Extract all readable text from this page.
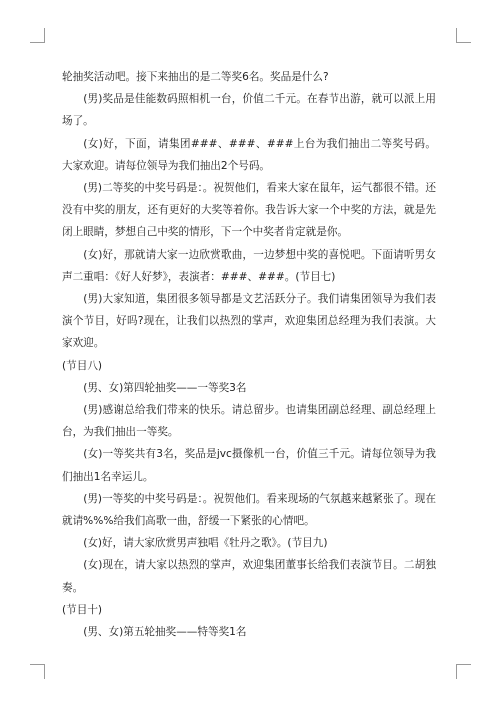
轮抽奖活动吧。接下来抽出的是二等奖6名。奖品是什么?

(男)奖品是佳能数码照相机一台，价值二千元。在春节出游，就可以派上用场了。

(女)好，下面，请集团###、###、###上台为我们抽出二等奖号码。大家欢迎。请每位领导为我们抽出2个号码。

(男)二等奖的中奖号码是：。祝贺他们，看来大家在鼠年，运气都很不错。还没有中奖的朋友，还有更好的大奖等着你。我告诉大家一个中奖的方法，就是先闭上眼睛，梦想自己中奖的情形，下一个中奖者肯定就是你。

(女)好，那就请大家一边欣赏歌曲，一边梦想中奖的喜悦吧。下面请听男女声二重唱：《好人好梦》，表演者：###、###。(节目七)

(男)大家知道，集团很多领导都是文艺活跃分子。我们请集团领导为我们表演个节目，好吗?现在，让我们以热烈的掌声，欢迎集团总经理为我们表演。大家欢迎。

(节目八)

(男、女)第四轮抽奖——一等奖3名

(男)感谢总给我们带来的快乐。请总留步。也请集团副总经理、副总经理上台，为我们抽出一等奖。

(女)一等奖共有3名，奖品是jvc摄像机一台，价值三千元。请每位领导为我们抽出1名幸运儿。

(男)一等奖的中奖号码是：。祝贺他们。看来现场的气氛越来越紧张了。现在就请%%%给我们高歌一曲，舒缓一下紧张的心情吧。

(女)好，请大家欣赏男声独唱《牡丹之歌》。(节目九)

(女)现在，请大家以热烈的掌声，欢迎集团董事长给我们表演节目。二胡独奏。

(节目十)

(男、女)第五轮抽奖——特等奖1名
